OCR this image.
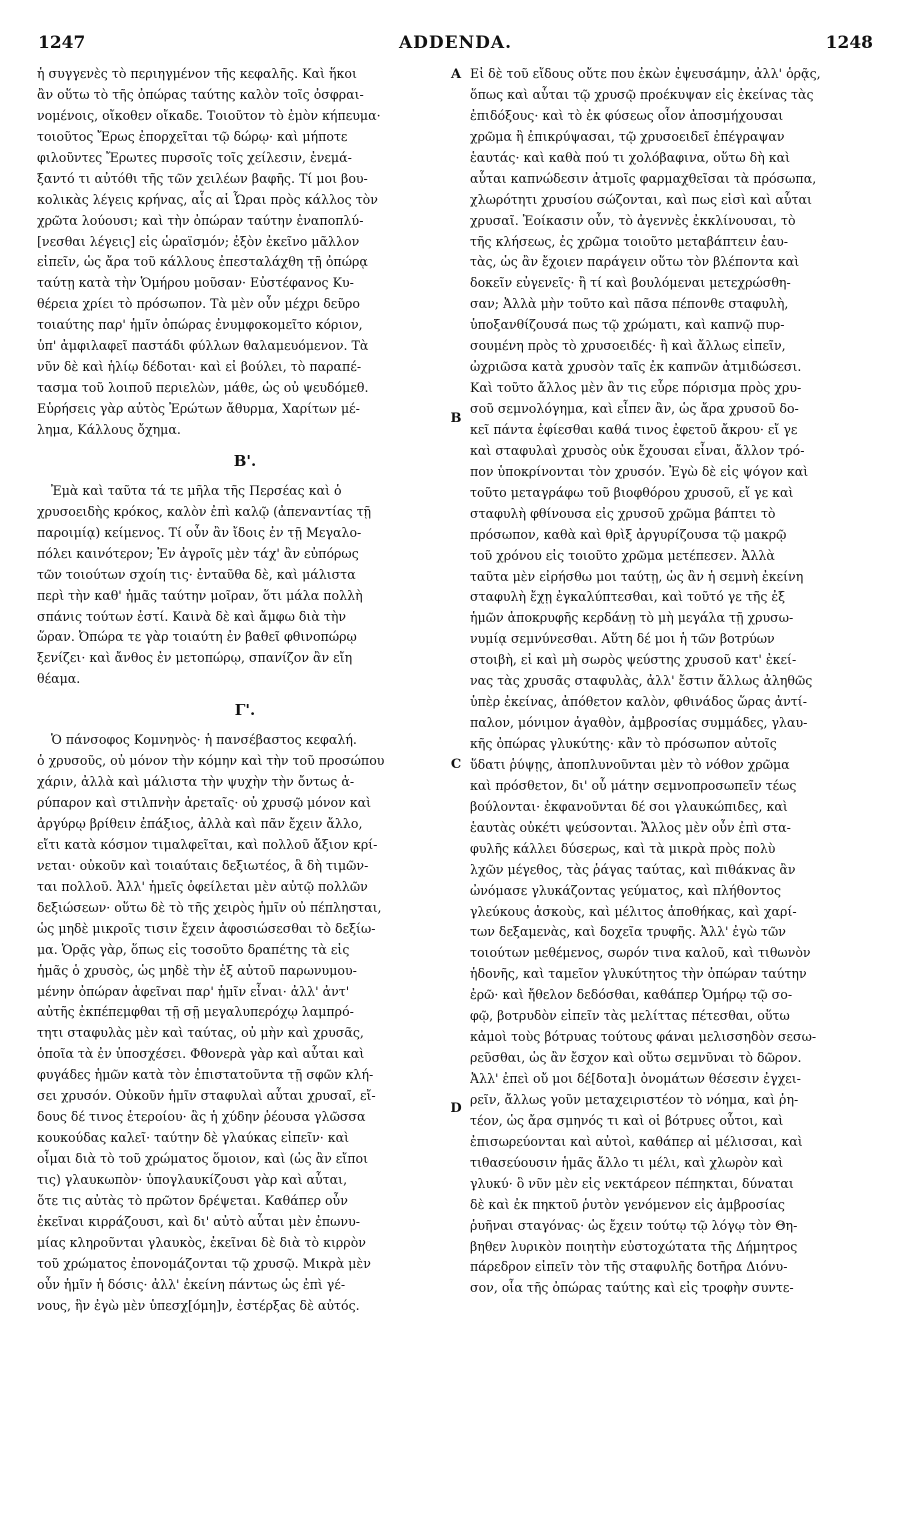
1247	ADDENDA.	1248
A
B
C
D
ἡ συγγενὲς τὸ περιηγμένον τῆς κεφαλῆς. Καὶ ἥκοι
ἂν οὕτω τὸ τῆς ὀπώρας ταύτης καλὸν τοῖς ὀσφραι-
νομένοις, οἴκοθεν οἴκαδε. Τοιοῦτον τὸ ἐμὸν κήπευμα·
τοιοῦτος Ἔρως ἐπορχεῖται τῷ δώρῳ· καὶ μήποτε
φιλοῦντες Ἔρωτες πυρσοῖς τοῖς χείλεσιν, ἐνεμά-
ξαντό τι αὐτόθι τῆς τῶν χειλέων βαφῆς. Τί μοι βου-
κολικὰς λέγεις κρήνας, αἷς αἱ Ὧραι πρὸς κάλλος τὸν
χρῶτα λούουσι; καὶ τὴν ὀπώραν ταύτην ἐναποπλύ-
[νεσθαι λέγεις] εἰς ὡραϊσμόν; ἐξὸν ἐκεῖνο μᾶλλον
εἰπεῖν, ὡς ἄρα τοῦ κάλλους ἐπεσταλάχθη τῇ ὀπώρᾳ
ταύτῃ κατὰ τὴν Ὁμήρου μοῦσαν· Εὐστέφανος Κυ-
θέρεια χρίει τὸ πρόσωπον. Τὰ μὲν οὖν μέχρι δεῦρο
τοιαύτης παρ' ἡμῖν ὀπώρας ἐνυμφοκομεῖτο κόριον,
ὑπ' ἀμφιλαφεῖ παστάδι φύλλων θαλαμευόμενον. Τὰ
νῦν δὲ καὶ ἡλίῳ δέδοται· καὶ εἰ βούλει, τὸ παραπέ-
τασμα τοῦ λοιποῦ περιελὼν, μάθε, ὡς οὐ ψευδόμεθ.
Εὑρήσεις γὰρ αὐτὸς Ἐρώτων ἄθυρμα, Χαρίτων μέ-
λημα, Κάλλους ὄχημα.
Β'.
Ἐμὰ καὶ ταῦτα τά τε μῆλα τῆς Περσέας καὶ ὁ
χρυσοειδὴς κρόκος, καλὸν ἐπὶ καλῷ (ἀπεναντίας τῇ
παροιμίᾳ) κείμενος. Τί οὖν ἂν ἴδοις ἐν τῇ Μεγαλο-
πόλει καινότερον; Ἐν ἀγροῖς μὲν τάχ' ἂν εὐπόρως
τῶν τοιούτων σχοίη τις· ἐνταῦθα δὲ, καὶ μάλιστα
περὶ τὴν καθ' ἡμᾶς ταύτην μοῖραν, ὅτι μάλα πολλὴ
σπάνις τούτων ἐστί. Καινὰ δὲ καὶ ἄμφω διὰ τὴν
ὥραν. Ὀπώρα τε γὰρ τοιαύτη ἐν βαθεῖ φθινοπώρῳ
ξενίζει· καὶ ἄνθος ἐν μετοπώρῳ, σπανίζον ἂν εἴη
θέαμα.
Γ'.
Ὁ πάνσοφος Κομνηνὸς· ἡ πανσέβαστος κεφαλή.
ὁ χρυσοῦς, οὐ μόνον τὴν κόμην καὶ τὴν τοῦ προσώπου
χάριν, ἀλλὰ καὶ μάλιστα τὴν ψυχὴν τὴν ὄντως ἀ-
ρύπαρον καὶ στιλπνὴν ἀρεταῖς· οὐ χρυσῷ μόνον καὶ
ἀργύρῳ βρίθειν ἐπάξιος, ἀλλὰ καὶ πᾶν ἔχειν ἄλλο,
εἴτι κατὰ κόσμον τιμαλφεῖται, καὶ πολλοῦ ἄξιον κρί-
νεται· οὐκοῦν καὶ τοιαύταις δεξιωτέος, ἃ δὴ τιμῶν-
ται πολλοῦ. Ἀλλ' ἡμεῖς ὀφείλεται μὲν αὐτῷ πολλῶν
δεξιώσεων· οὕτω δὲ τὸ τῆς χειρὸς ἡμῖν οὐ πέπλησται,
ὡς μηδὲ μικροῖς τισιν ἔχειν ἀφοσιώσεσθαι τὸ δεξίω-
μα. Ὁρᾷς γὰρ, ὅπως εἰς τοσοῦτο δραπέτης τὰ εἰς
ἡμᾶς ὁ χρυσὸς, ὡς μηδὲ τὴν ἐξ αὐτοῦ παρωνυμου-
μένην ὀπώραν ἀφεῖναι παρ' ἡμῖν εἶναι· ἀλλ' ἀντ'
αὐτῆς ἐκπέπεμφθαι τῇ σῇ μεγαλυπερόχῳ λαμπρό-
τητι σταφυλὰς μὲν καὶ ταύτας, οὐ μὴν καὶ χρυσᾶς,
ὁποῖα τὰ ἐν ὑποσχέσει. Φθονερὰ γὰρ καὶ αὗται καὶ
φυγάδες ἡμῶν κατὰ τὸν ἐπιστατοῦντα τῇ σφῶν κλή-
σει χρυσόν. Οὐκοῦν ἡμῖν σταφυλαὶ αὗται χρυσαῖ, εἴ-
δους δέ τινος ἑτεροίου· ἃς ἡ χύδην ῥέουσα γλῶσσα
κουκούδας καλεῖ· ταύτην δὲ γλαύκας εἰπεῖν· καὶ
οἶμαι διὰ τὸ τοῦ χρώματος ὅμοιον, καὶ (ὡς ἂν εἴποι
τις) γλαυκωπὸν· ὑπογλαυκίζουσι γὰρ καὶ αὗται,
ὅτε τις αὐτὰς τὸ πρῶτον δρέψεται. Καθάπερ οὖν
ἐκεῖναι κιρράζουσι, καὶ δι' αὐτὸ αὗται μὲν ἐπωνυ-
μίας κληροῦνται γλαυκὸς, ἐκεῖναι δὲ διὰ τὸ κιρρὸν
τοῦ χρώματος ἐπονομάζονται τῷ χρυσῷ. Μικρὰ μὲν
οὖν ἡμῖν ἡ δόσις· ἀλλ' ἐκείνη πάντως ὡς ἐπὶ γέ-
νους, ἣν ἐγὼ μὲν ὑπεσχ[όμη]ν, ἐστέρξας δὲ αὐτός.
Εἰ δὲ τοῦ εἴδους οὔτε που ἐκὼν ἐψευσάμην, ἀλλ' ὁρᾷς,
ὅπως καὶ αὗται τῷ χρυσῷ προέκυψαν εἰς ἐκείνας τὰς
ἐπιδόξους· καὶ τὸ ἐκ φύσεως οἷον ἀποσμήχουσαι
χρῶμα ἢ ἐπικρύψασαι, τῷ χρυσοειδεῖ ἐπέγραψαν
ἑαυτάς· καὶ καθὰ πού τι χολόβαφινα, οὕτω δὴ καὶ
αὗται καπνώδεσιν ἀτμοῖς φαρμαχθεῖσαι τὰ πρόσωπα,
χλωρότητι χρυσίου σώζονται, καὶ πως εἰσὶ καὶ αὗται
χρυσαῖ. Ἐοίκασιν οὖν, τὸ ἀγεννὲς ἐκκλίνουσαι, τὸ
τῆς κλήσεως, ἐς χρῶμα τοιοῦτο μεταβάπτειν ἑαυ-
τὰς, ὡς ἂν ἔχοιεν παράγειν οὕτω τὸν βλέποντα καὶ
δοκεῖν εὐγενεῖς· ἢ τί καὶ βουλόμεναι μετεχρώσθη-
σαν; Ἀλλὰ μὴν τοῦτο καὶ πᾶσα πέπονθε σταφυλὴ,
ὑποξανθίζουσά πως τῷ χρώματι, καὶ καπνῷ πυρ-
σουμένη πρὸς τὸ χρυσοειδές· ἢ καὶ ἄλλως εἰπεῖν,
ὠχριῶσα κατὰ χρυσὸν ταῖς ἐκ καπνῶν ἀτμιδώσεσι.
Καὶ τοῦτο ἄλλος μὲν ἂν τις εὗρε πόρισμα πρὸς χρυ-
σοῦ σεμνολόγημα, καὶ εἶπεν ἂν, ὡς ἄρα χρυσοῦ δο-
κεῖ πάντα ἐφίεσθαι καθά τινος ἐφετοῦ ἄκρου· εἴ γε
καὶ σταφυλαὶ χρυσὸς οὐκ ἔχουσαι εἶναι, ἄλλον τρό-
πον ὑποκρίνονται τὸν χρυσόν. Ἐγὼ δὲ εἰς ψόγον καὶ
τοῦτο μεταγράφω τοῦ βιοφθόρου χρυσοῦ, εἴ γε καὶ
σταφυλὴ φθίνουσα εἰς χρυσοῦ χρῶμα βάπτει τὸ
πρόσωπον, καθὰ καὶ θρὶξ ἀργυρίζουσα τῷ μακρῷ
τοῦ χρόνου εἰς τοιοῦτο χρῶμα μετέπεσεν. Ἀλλὰ
ταῦτα μὲν εἰρήσθω μοι ταύτῃ, ὡς ἂν ἡ σεμνὴ ἐκείνη
σταφυλὴ ἔχῃ ἐγκαλύπτεσθαι, καὶ τοῦτό γε τῆς ἐξ
ἡμῶν ἀποκρυφῆς κερδάνῃ τὸ μὴ μεγάλα τῇ χρυσω-
νυμίᾳ σεμνύνεσθαι. Αὕτη δέ μοι ἡ τῶν βοτρύων
στοιβὴ, εἰ καὶ μὴ σωρὸς ψεύστης χρυσοῦ κατ' ἐκεί-
νας τὰς χρυσᾶς σταφυλὰς, ἀλλ' ἔστιν ἄλλως ἀληθῶς
ὑπὲρ ἐκείνας, ἀπόθετον καλὸν, φθινάδος ὥρας ἀντί-
παλον, μόνιμον ἀγαθὸν, ἀμβροσίας συμμάδες, γλαυ-
κῆς ὀπώρας γλυκύτης· κἂν τὸ πρόσωπον αὐτοῖς
ὕδατι ῥύψῃς, ἀποπλυνοῦνται μὲν τὸ νόθον χρῶμα
καὶ πρόσθετον, δι' οὗ μάτην σεμνοπροσωπεῖν τέως
βούλονται· ἐκφανοῦνται δέ σοι γλαυκώπιδες, καὶ
ἑαυτὰς οὐκέτι ψεύσονται. Ἄλλος μὲν οὖν ἐπὶ στα-
φυλῆς κάλλει δύσερως, καὶ τὰ μικρὰ πρὸς πολὺ
λχῶν μέγεθος, τὰς ῥάγας ταύτας, καὶ πιθάκνας ἂν
ὠνόμασε γλυκάζοντας γεύματος, καὶ πλήθοντος
γλεύκους ἀσκοὺς, καὶ μέλιτος ἀποθήκας, καὶ χαρί-
των δεξαμενὰς, καὶ δοχεῖα τρυφῆς. Ἀλλ' ἐγὼ τῶν
τοιούτων μεθέμενος, σωρόν τινα καλοῦ, καὶ τιθωνὸν
ἡδονῆς, καὶ ταμεῖον γλυκύτητος τὴν ὀπώραν ταύτην
ἐρῶ· καὶ ἤθελον δεδόσθαι, καθάπερ Ὁμήρῳ τῷ σο-
φῷ, βοτρυδὸν εἰπεῖν τὰς μελίττας πέτεσθαι, οὕτω
κἀμοὶ τοὺς βότρυας τούτους φάναι μελισσηδὸν σεσω-
ρεῦσθαι, ὡς ἂν ἔσχον καὶ οὕτω σεμνῦναι τὸ δῶρον.
Ἀλλ' ἐπεὶ οὔ μοι δέ[δοτα]ι ὀνομάτων θέσεσιν ἐγχει-
ρεῖν, ἄλλως γοῦν μεταχειριστέον τὸ νόημα, καὶ ῥη-
τέον, ὡς ἄρα σμηνός τι καὶ οἱ βότρυες οὗτοι, καὶ
ἐπισωρεύονται καὶ αὐτοὶ, καθάπερ αἱ μέλισσαι, καὶ
τιθασεύουσιν ἡμᾶς ἄλλο τι μέλι, καὶ χλωρὸν καὶ
γλυκύ· ὃ νῦν μὲν εἰς νεκτάρεον πέπηκται, δύναται
δὲ καὶ ἐκ πηκτοῦ ῥυτὸν γενόμενον εἰς ἀμβροσίας
ῥυῆναι σταγόνας· ὡς ἔχειν τούτῳ τῷ λόγῳ τὸν Θη-
βηθεν λυρικὸν ποιητὴν εὐστοχώτατα τῆς Δήμητρος
πάρεδρον εἰπεῖν τὸν τῆς σταφυλῆς δοτῆρα Διόνυ-
σον, οἷα τῆς ὀπώρας ταύτης καὶ εἰς τροφὴν συντε-
